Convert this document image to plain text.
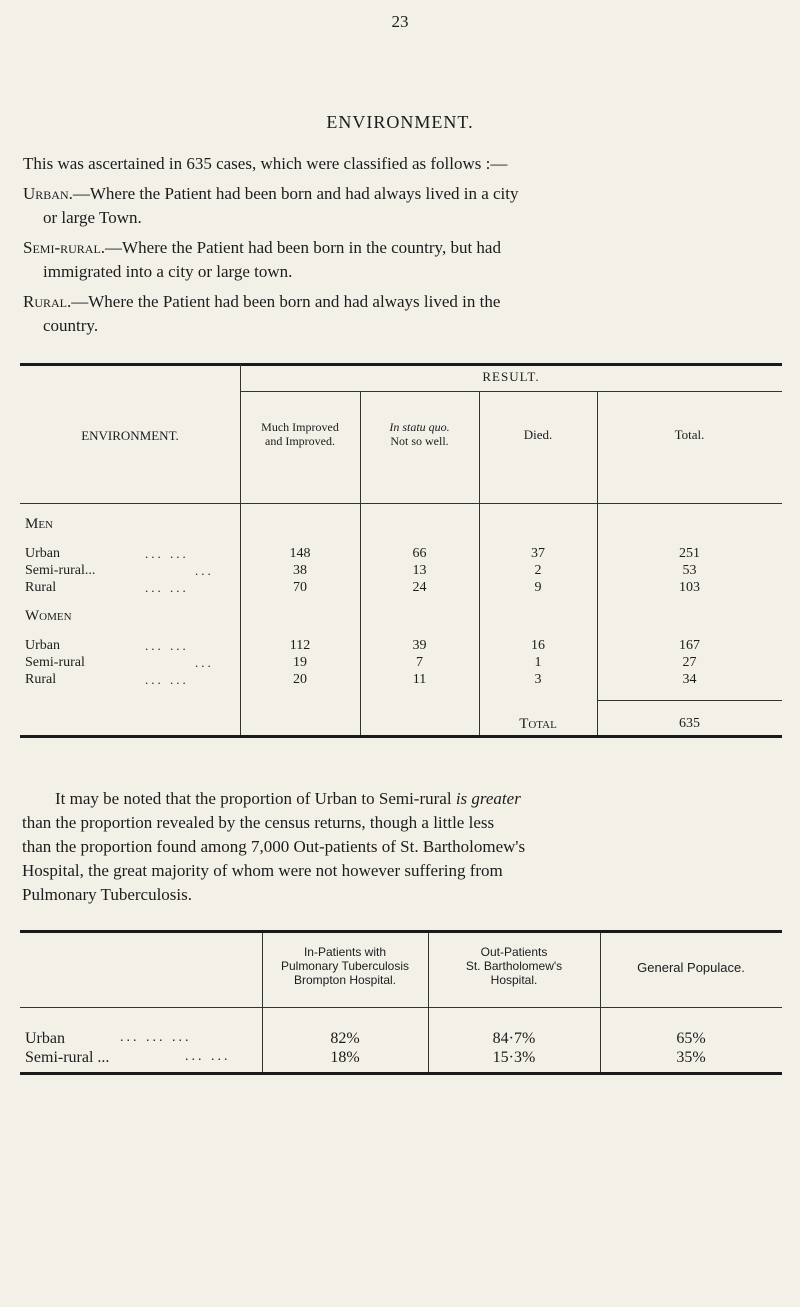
23
ENVIRONMENT.
This was ascertained in 635 cases, which were classified as follows :—
Urban.—Where the Patient had been born and had always lived in a city
or large Town.
Semi-rural.—Where the Patient had been born in the country, but had
immigrated into a city or large town.
Rural.—Where the Patient had been born and had always lived in the
country.
RESULT.
ENVIRONMENT.
Much Improved
and Improved.
In statu quo.
Not so well.	Died.	Total.
Men
Urban	... ...	148	66	37	251
Semi-rural...	...	38	13	2	53
Rural	... ...	70	24	9	103
Women
Urban	... ...	112	39	16	167
Semi-rural	...	19	7	1	27
Rural	... ...	20	11	3	34
Total	635
It may be noted that the proportion of Urban to Semi-rural is greater
than the proportion revealed by the census returns, though a little less
than the proportion found among 7,000 Out-patients of St. Bartholomew's
Hospital, the great majority of whom were not however suffering from
Pulmonary Tuberculosis.
In-Patients with
Pulmonary Tuberculosis
Brompton Hospital.
Out-Patients
St. Bartholomew's
Hospital.
General Populace.
Urban	... ... ...	82%	84·7%	65%
Semi-rural ...	... ...	18%	15·3%	35%
